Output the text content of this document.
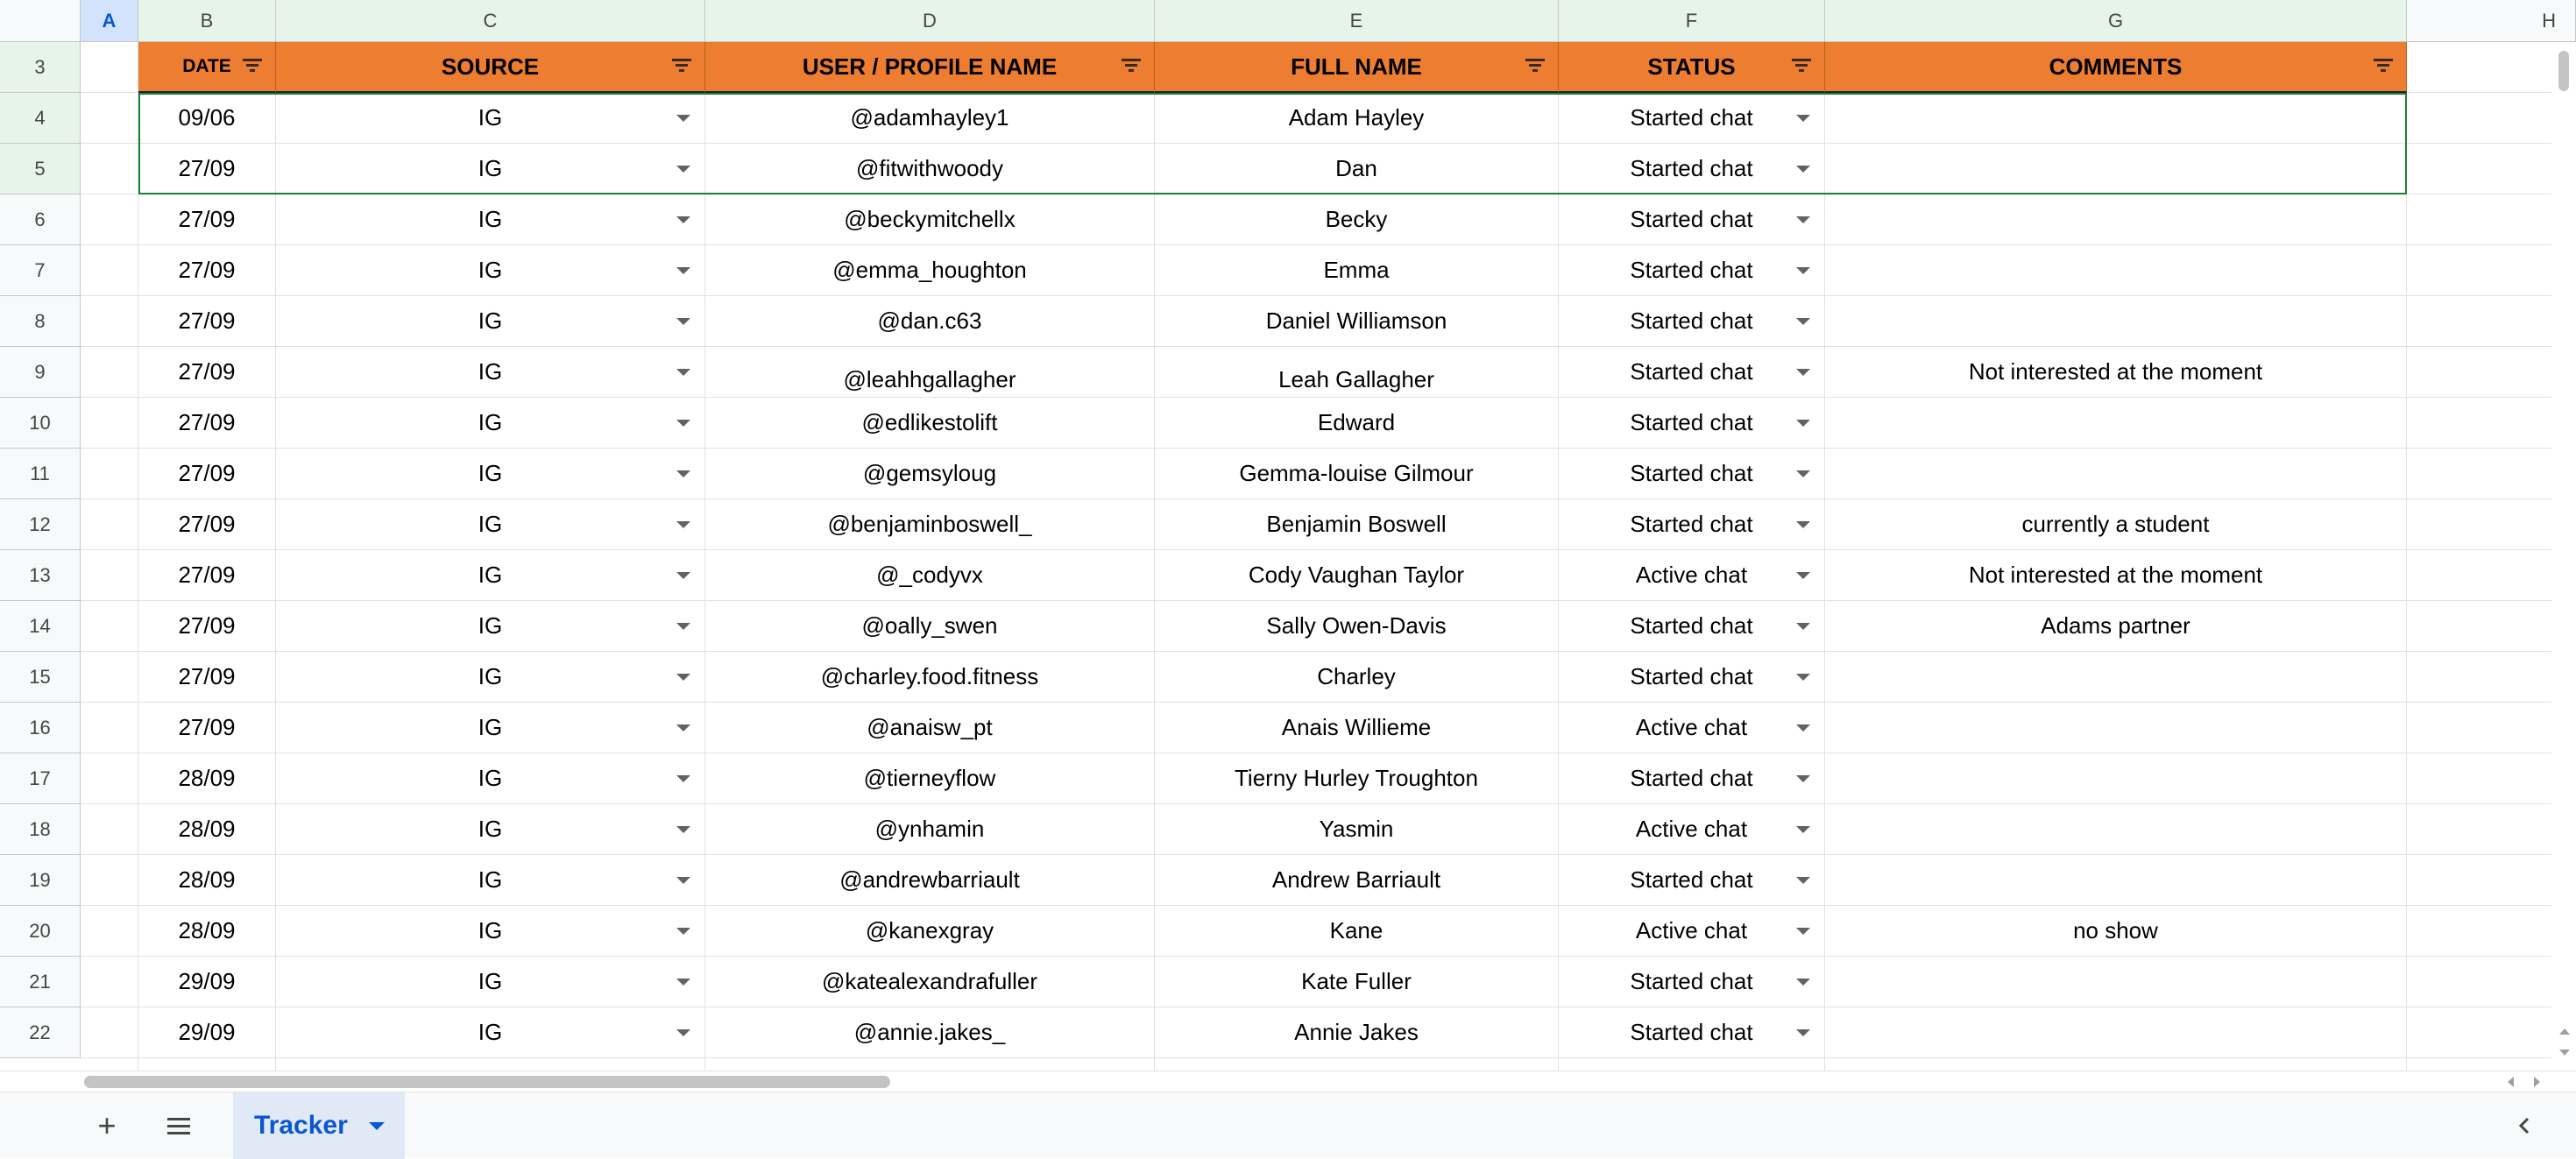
A	B	C	D	E	F	G	H
3	DATE	SOURCE	USER / PROFILE NAME	FULL NAME	STATUS	COMMENTS
4	09/06	IG	@adamhayley1	Adam Hayley	Started chat
5	27/09	IG	@fitwithwoody	Dan	Started chat
6	27/09	IG	@beckymitchellx	Becky	Started chat
7	27/09	IG	@emma_houghton	Emma	Started chat
8	27/09	IG	@dan.c63	Daniel Williamson	Started chat
9	27/09	IG	@leahhgallagher	Leah Gallagher	Started chat	Not interested at the moment
10	27/09	IG	@edlikestolift	Edward	Started chat
11	27/09	IG	@gemsyloug	Gemma-louise Gilmour	Started chat
12	27/09	IG	@benjaminboswell_	Benjamin Boswell	Started chat	currently a student
13	27/09	IG	@_codyvx	Cody Vaughan Taylor	Active chat	Not interested at the moment
14	27/09	IG	@oally_swen	Sally Owen-Davis	Started chat	Adams partner
15	27/09	IG	@charley.food.fitness	Charley	Started chat
16	27/09	IG	@anaisw_pt	Anais Willieme	Active chat
17	28/09	IG	@tierneyflow	Tierny Hurley Troughton	Started chat
18	28/09	IG	@ynhamin	Yasmin	Active chat
19	28/09	IG	@andrewbarriault	Andrew Barriault	Started chat
20	28/09	IG	@kanexgray	Kane	Active chat	no show
21	29/09	IG	@katealexandrafuller	Kate Fuller	Started chat
22	29/09	IG	@annie.jakes_	Annie Jakes	Started chat
+	Tracker
